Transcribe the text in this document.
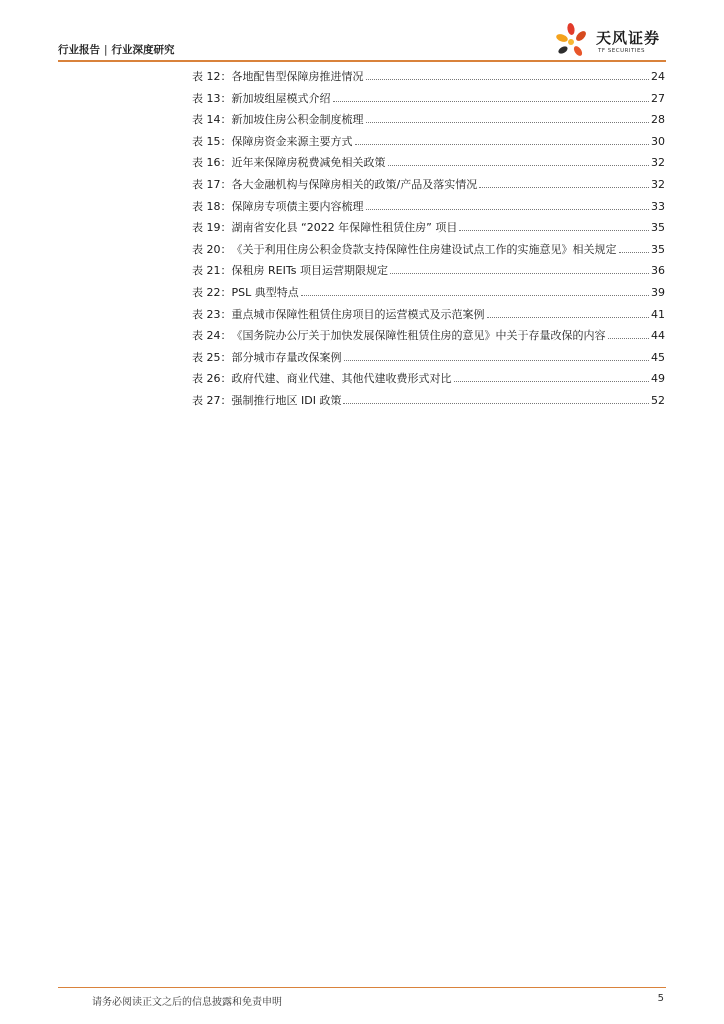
行业报告 | 行业深度研究
天风证券
TF SECURITIES
表 12： 各地配售型保障房推进情况	24
表 13： 新加坡组屋模式介绍	27
表 14： 新加坡住房公积金制度梳理	28
表 15： 保障房资金来源主要方式	30
表 16： 近年来保障房税费减免相关政策	32
表 17： 各大金融机构与保障房相关的政策/产品及落实情况	32
表 18： 保障房专项债主要内容梳理	33
表 19： 湖南省安化县 “2022 年保障性租赁住房” 项目	35
表 20： 《关于利用住房公积金贷款支持保障性住房建设试点工作的实施意见》相关规定	35
表 21： 保租房 REITs 项目运营期限规定	36
表 22： PSL 典型特点	39
表 23： 重点城市保障性租赁住房项目的运营模式及示范案例	41
表 24： 《国务院办公厅关于加快发展保障性租赁住房的意见》中关于存量改保的内容	44
表 25： 部分城市存量改保案例	45
表 26： 政府代建、商业代建、其他代建收费形式对比	49
表 27： 强制推行地区 IDI 政策	52
请务必阅读正文之后的信息披露和免责申明	5
